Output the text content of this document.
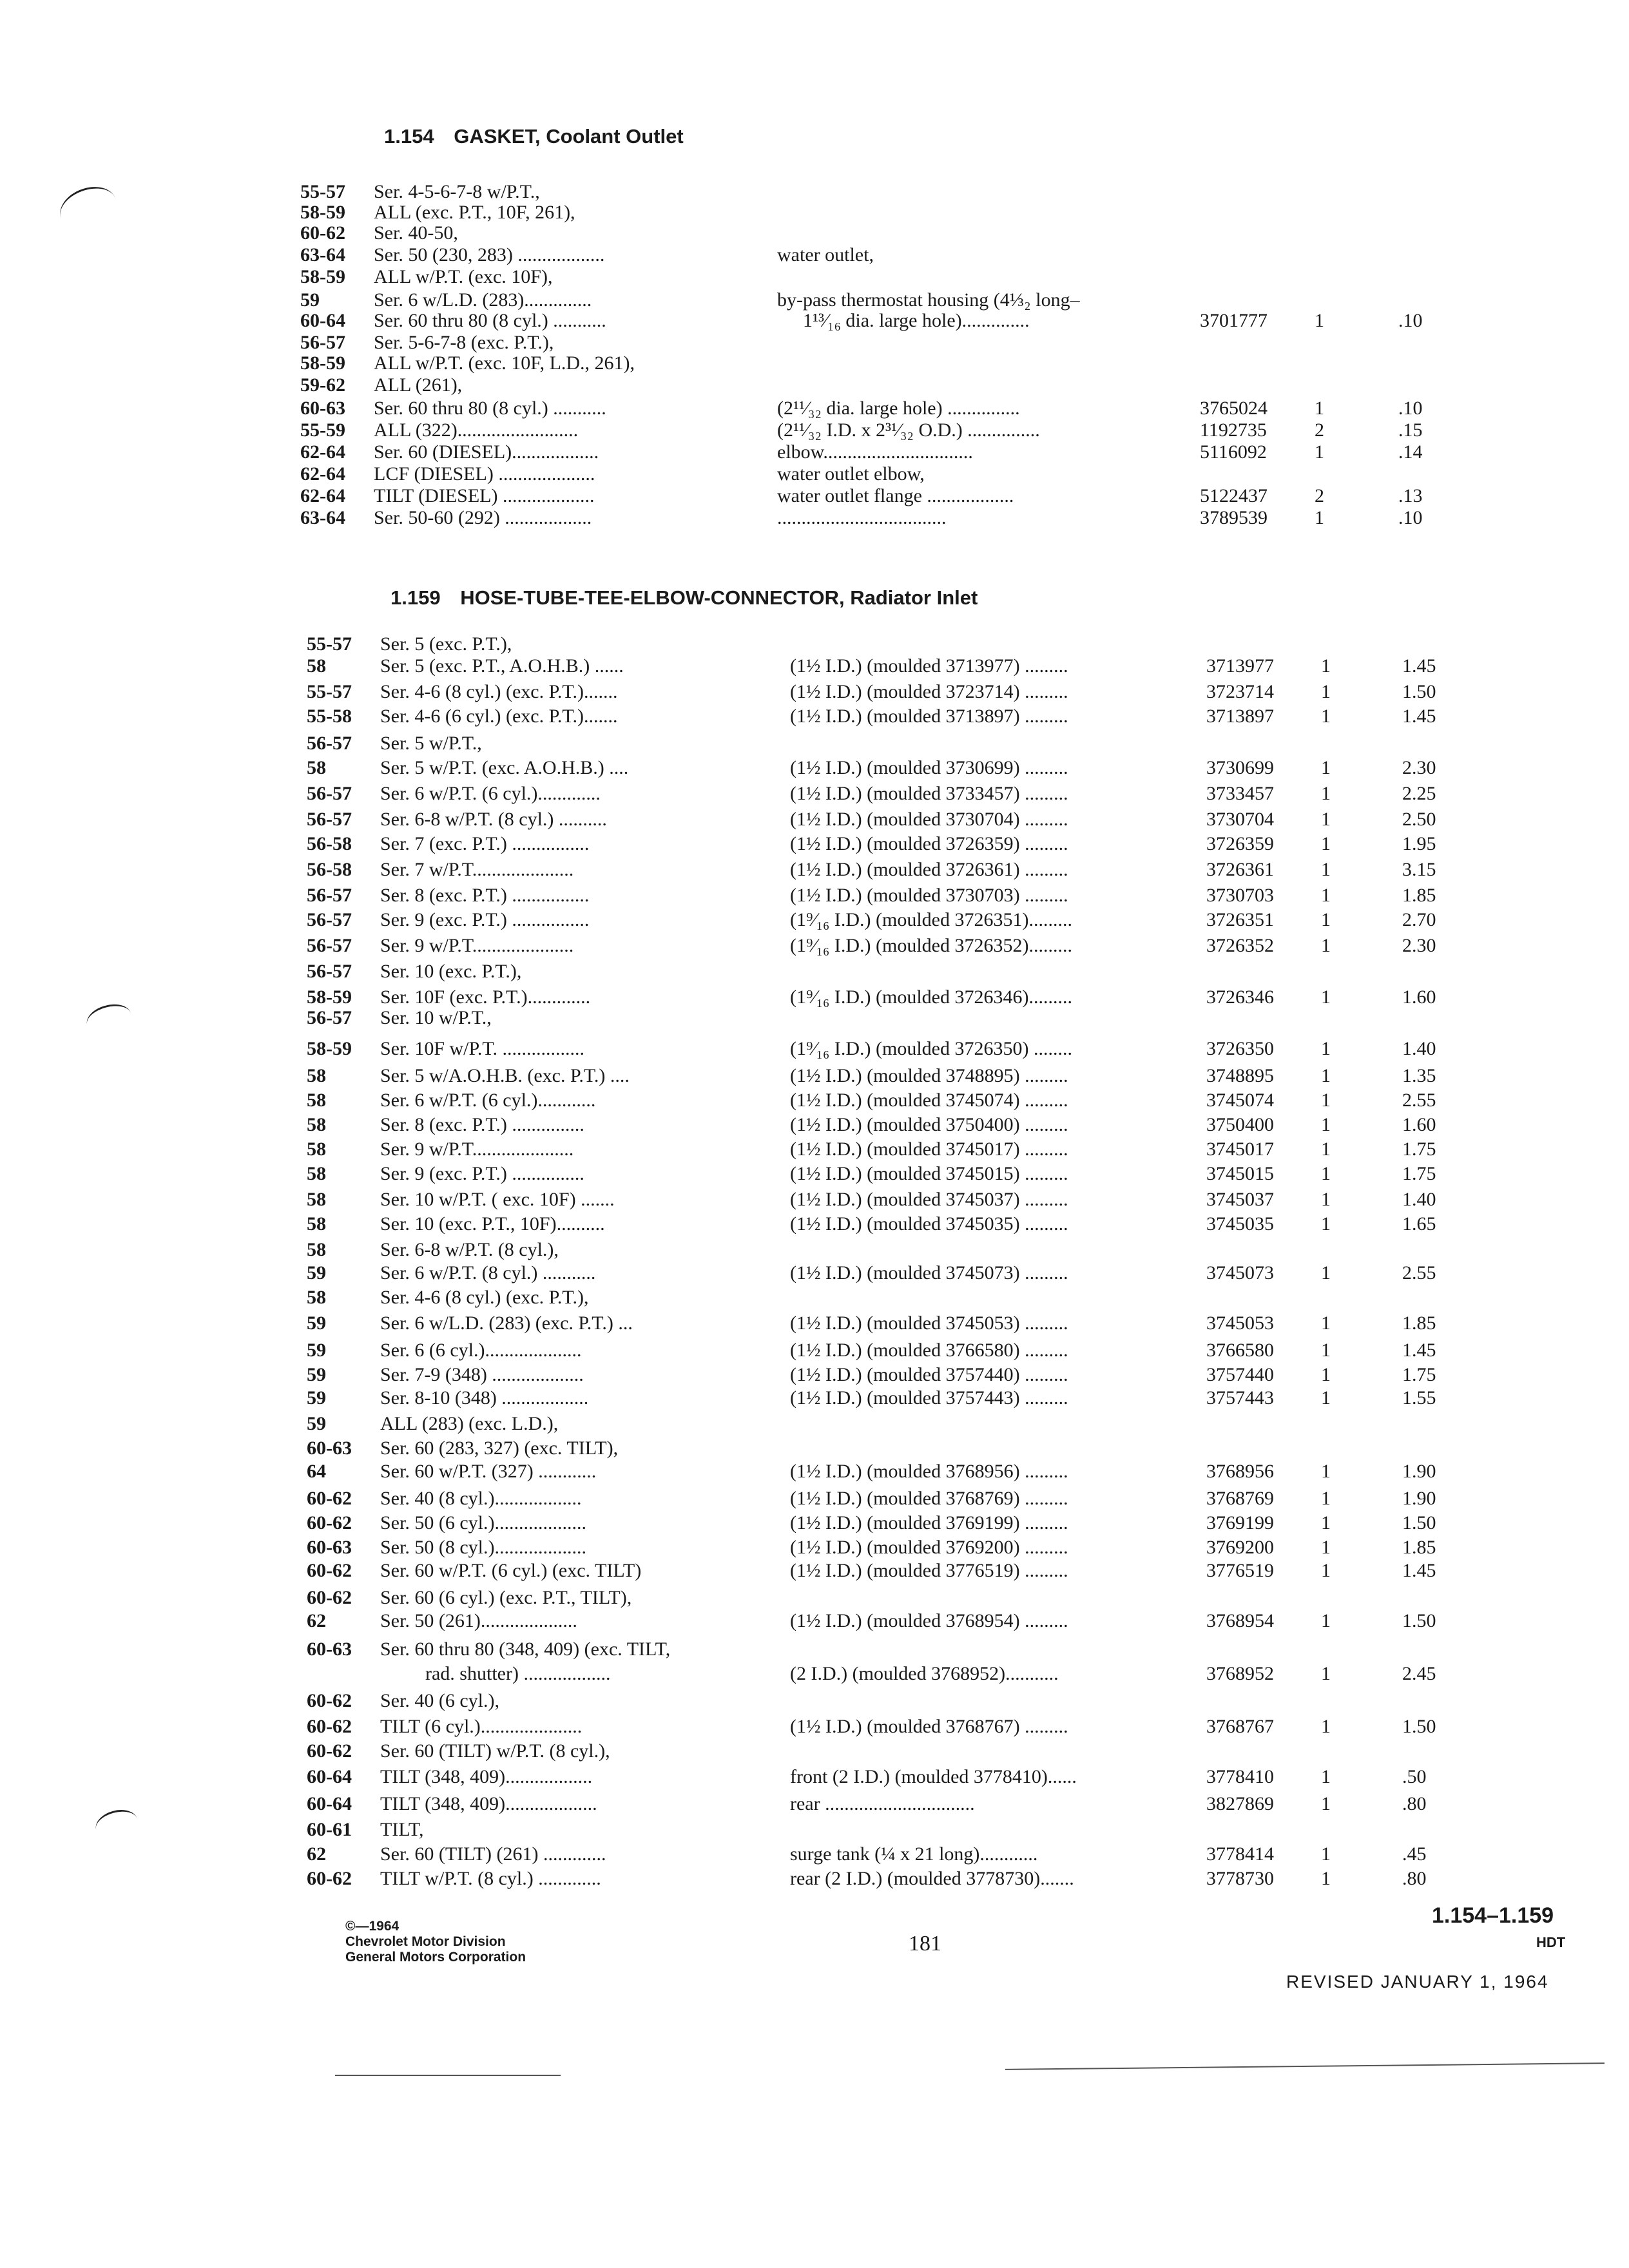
1.154 GASKET, Coolant Outlet
1.159 HOSE-TUBE-TEE-ELBOW-CONNECTOR, Radiator Inlet
55-57 Ser. 4-5-6-7-8 w/P.T.,
58-59 ALL (exc. P.T., 10F, 261),
60-62 Ser. 40-50,
63-64 Ser. 50 (230, 283) ..................	water outlet,
58-59 ALL w/P.T. (exc. 10F),
59	Ser. 6 w/L.D. (283)..............	by-pass thermostat housing (4⅓₂ long–
60-64 Ser. 60 thru 80 (8 cyl.) ...........	1¹³⁄₁₆ dia. large hole)..............	3701777 1	.10
56-57 Ser. 5-6-7-8 (exc. P.T.),
58-59 ALL w/P.T. (exc. 10F, L.D., 261),
59-62 ALL (261),
60-63 Ser. 60 thru 80 (8 cyl.) ...........	(2¹¹⁄₃₂ dia. large hole) ...............	3765024 1	.10
55-59 ALL (322).........................	(2¹¹⁄₃₂ I.D. x 2³¹⁄₃₂ O.D.) ...............	1192735 2	.15
62-64 Ser. 60 (DIESEL)..................	elbow...............................	5116092 1	.14
62-64 LCF (DIESEL) ....................	water outlet elbow,
62-64 TILT (DIESEL) ...................	water outlet flange ..................	5122437 2	.13
63-64 Ser. 50-60 (292) ..................	...................................	3789539 1	.10
55-57 Ser. 5 (exc. P.T.),
58	Ser. 5 (exc. P.T., A.O.H.B.) ......	(1½ I.D.) (moulded 3713977) .........	3713977 1	1.45
55-57 Ser. 4-6 (8 cyl.) (exc. P.T.).......	(1½ I.D.) (moulded 3723714) .........	3723714 1	1.50
55-58 Ser. 4-6 (6 cyl.) (exc. P.T.).......	(1½ I.D.) (moulded 3713897) .........	3713897 1	1.45
56-57 Ser. 5 w/P.T.,
58	Ser. 5 w/P.T. (exc. A.O.H.B.) ....	(1½ I.D.) (moulded 3730699) .........	3730699 1	2.30
56-57 Ser. 6 w/P.T. (6 cyl.).............	(1½ I.D.) (moulded 3733457) .........	3733457 1	2.25
56-57 Ser. 6-8 w/P.T. (8 cyl.) ..........	(1½ I.D.) (moulded 3730704) .........	3730704 1	2.50
56-58 Ser. 7 (exc. P.T.) ................	(1½ I.D.) (moulded 3726359) .........	3726359 1	1.95
56-58 Ser. 7 w/P.T.....................	(1½ I.D.) (moulded 3726361) .........	3726361 1	3.15
56-57 Ser. 8 (exc. P.T.) ................	(1½ I.D.) (moulded 3730703) .........	3730703 1	1.85
56-57 Ser. 9 (exc. P.T.) ................	(1⁹⁄₁₆ I.D.) (moulded 3726351).........	3726351 1	2.70
56-57 Ser. 9 w/P.T.....................	(1⁹⁄₁₆ I.D.) (moulded 3726352).........	3726352 1	2.30
56-57 Ser. 10 (exc. P.T.),
58-59 Ser. 10F (exc. P.T.).............	(1⁹⁄₁₆ I.D.) (moulded 3726346).........	3726346 1	1.60
56-57 Ser. 10 w/P.T.,
58-59 Ser. 10F w/P.T. .................	(1⁹⁄₁₆ I.D.) (moulded 3726350) ........	3726350 1	1.40
58	Ser. 5 w/A.O.H.B. (exc. P.T.) ....	(1½ I.D.) (moulded 3748895) .........	3748895 1	1.35
58	Ser. 6 w/P.T. (6 cyl.)............	(1½ I.D.) (moulded 3745074) .........	3745074 1	2.55
58	Ser. 8 (exc. P.T.) ...............	(1½ I.D.) (moulded 3750400) .........	3750400 1	1.60
58	Ser. 9 w/P.T.....................	(1½ I.D.) (moulded 3745017) .........	3745017 1	1.75
58	Ser. 9 (exc. P.T.) ...............	(1½ I.D.) (moulded 3745015) .........	3745015 1	1.75
58	Ser. 10 w/P.T. ( exc. 10F) .......	(1½ I.D.) (moulded 3745037) .........	3745037 1	1.40
58	Ser. 10 (exc. P.T., 10F)..........	(1½ I.D.) (moulded 3745035) .........	3745035 1	1.65
58	Ser. 6-8 w/P.T. (8 cyl.),
59	Ser. 6 w/P.T. (8 cyl.) ...........	(1½ I.D.) (moulded 3745073) .........	3745073 1	2.55
58	Ser. 4-6 (8 cyl.) (exc. P.T.),
59	Ser. 6 w/L.D. (283) (exc. P.T.) ...	(1½ I.D.) (moulded 3745053) .........	3745053 1	1.85
59	Ser. 6 (6 cyl.)....................	(1½ I.D.) (moulded 3766580) .........	3766580 1	1.45
59	Ser. 7-9 (348) ...................	(1½ I.D.) (moulded 3757440) .........	3757440 1	1.75
59	Ser. 8-10 (348) ..................	(1½ I.D.) (moulded 3757443) .........	3757443 1	1.55
59	ALL (283) (exc. L.D.),
60-63 Ser. 60 (283, 327) (exc. TILT),
64	Ser. 60 w/P.T. (327) ............	(1½ I.D.) (moulded 3768956) .........	3768956 1	1.90
60-62 Ser. 40 (8 cyl.)..................	(1½ I.D.) (moulded 3768769) .........	3768769 1	1.90
60-62 Ser. 50 (6 cyl.)...................	(1½ I.D.) (moulded 3769199) .........	3769199 1	1.50
60-63 Ser. 50 (8 cyl.)...................	(1½ I.D.) (moulded 3769200) .........	3769200 1	1.85
60-62 Ser. 60 w/P.T. (6 cyl.) (exc. TILT)	(1½ I.D.) (moulded 3776519) .........	3776519 1	1.45
60-62 Ser. 60 (6 cyl.) (exc. P.T., TILT),
62	Ser. 50 (261)....................	(1½ I.D.) (moulded 3768954) .........	3768954 1	1.50
60-63 Ser. 60 thru 80 (348, 409) (exc. TILT,
rad. shutter) ..................	(2 I.D.) (moulded 3768952)...........	3768952 1	2.45
60-62 Ser. 40 (6 cyl.),
60-62 TILT (6 cyl.).....................	(1½ I.D.) (moulded 3768767) .........	3768767 1	1.50
60-62 Ser. 60 (TILT) w/P.T. (8 cyl.),
60-64 TILT (348, 409)..................	front (2 I.D.) (moulded 3778410)......	3778410 1	.50
60-64 TILT (348, 409)...................	rear ...............................	3827869 1	.80
60-61 TILT,
62	Ser. 60 (TILT) (261) .............	surge tank (¼ x 21 long)............	3778414 1	.45
60-62 TILT w/P.T. (8 cyl.) .............	rear (2 I.D.) (moulded 3778730).......	3778730 1	.80
©—1964
Chevrolet Motor Division
General Motors Corporation
181
1.154–1.159
HDT
REVISED JANUARY 1, 1964
